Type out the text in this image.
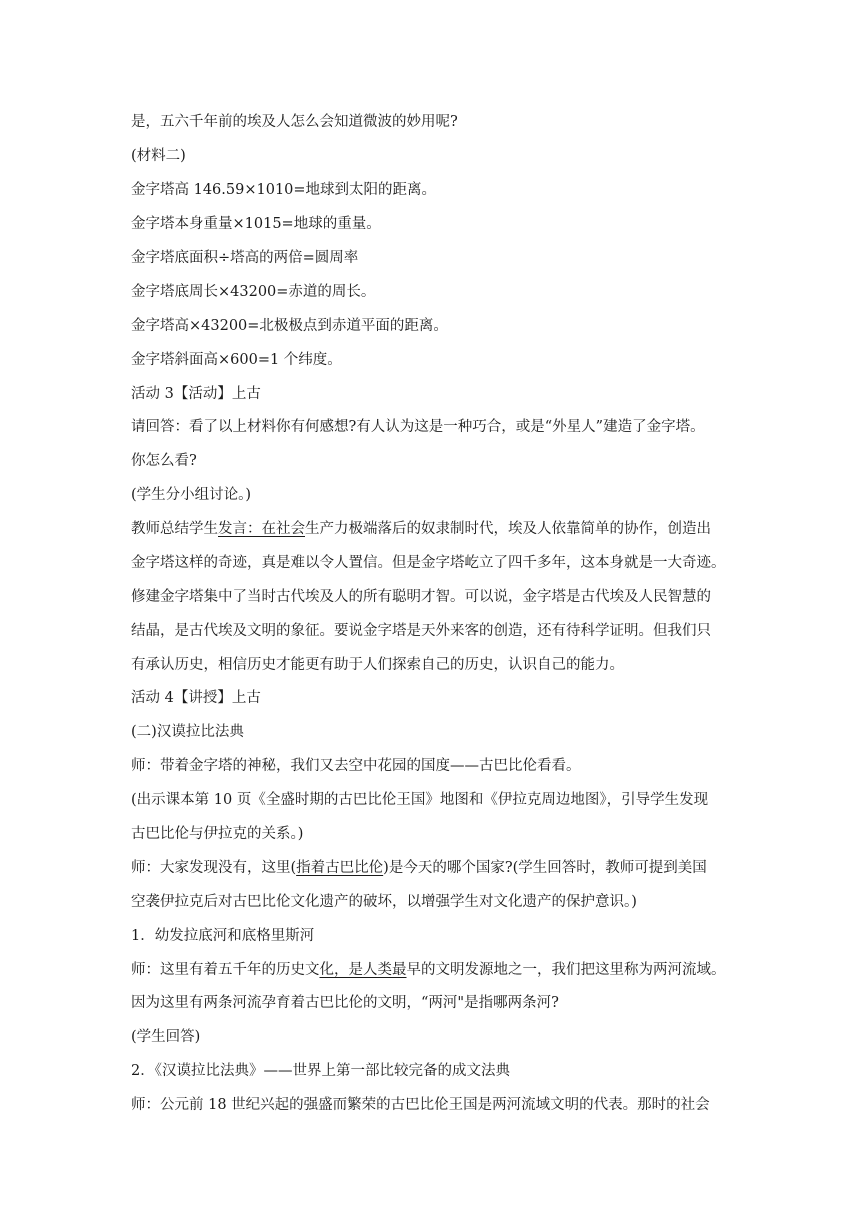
是，五六千年前的埃及人怎么会知道微波的妙用呢?
(材料二)
金字塔高 146.59×1010=地球到太阳的距离。
金字塔本身重量×1015=地球的重量。
金字塔底面积÷塔高的两倍=圆周率
金字塔底周长×43200=赤道的周长。
金字塔高×43200=北极极点到赤道平面的距离。
金字塔斜面高×600=1 个纬度。
活动 3【活动】上古
请回答：看了以上材料你有何感想?有人认为这是一种巧合，或是“外星人”建造了金字塔。
你怎么看?
(学生分小组讨论。)
教师总结学生发言：在社会生产力极端落后的奴隶制时代，埃及人依靠简单的协作，创造出
金字塔这样的奇迹，真是难以令人置信。但是金字塔屹立了四千多年，这本身就是一大奇迹。
修建金字塔集中了当时古代埃及人的所有聪明才智。可以说，金字塔是古代埃及人民智慧的
结晶，是古代埃及文明的象征。要说金字塔是天外来客的创造，还有待科学证明。但我们只
有承认历史，相信历史才能更有助于人们探索自己的历史，认识自己的能力。
活动 4【讲授】上古
(二)汉谟拉比法典
师：带着金字塔的神秘，我们又去空中花园的国度——古巴比伦看看。
(出示课本第 10 页《全盛时期的古巴比伦王国》地图和《伊拉克周边地图》，引导学生发现
古巴比伦与伊拉克的关系。)
师：大家发现没有，这里(指着古巴比伦)是今天的哪个国家?(学生回答时，教师可提到美国
空袭伊拉克后对古巴比伦文化遗产的破坏，以增强学生对文化遗产的保护意识。)
1．幼发拉底河和底格里斯河
师：这里有着五千年的历史文化，是人类最早的文明发源地之一，我们把这里称为两河流域。
因为这里有两条河流孕育着古巴比伦的文明，“两河"是指哪两条河?
(学生回答)
2．《汉谟拉比法典》——世界上第一部比较完备的成文法典
师：公元前 18 世纪兴起的强盛而繁荣的古巴比伦王国是两河流域文明的代表。那时的社会
